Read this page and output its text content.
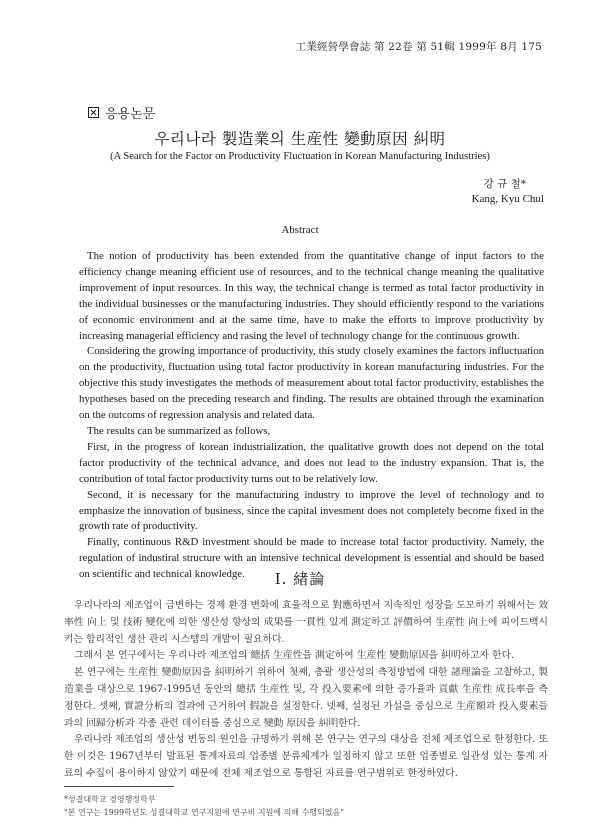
工業經營學會誌 第 22卷 第 51輯 1999年 8月 175
응용논문
우리나라 製造業의 生産性 變動原因 糾明
(A Search for the Factor on Productivity Fluctuation in Korean Manufacturing Industries)
강 규 철*
Kang, Kyu Chul
Abstract

The notion of productivity has been extended from the quantitative change of input factors to the efficiency change meaning efficient use of resources, and to the technical change meaning the qualitative improvement of input resources. In this way, the technical change is termed as total factor productivity in the individual businesses or the manufacturing industries. They should efficiently respond to the variations of economic environment and at the same time, have to make the efforts to improve productivity by increasing managerial efficiency and rasing the level of technology change for the continuous growth.

Considering the growing importance of productivity, this study closely examines the factors influctuation on the productivity, fluctuation using total factor productivity in korean manufacturing industries. For the objective this study investigates the methods of measurement about total factor productivity, establishes the hypotheses based on the preceding research and finding. The results are obtained through the examination on the outcoms of regression analysis and related data.

The results can be summarized as follows,

First, in the progress of korean industrialization, the qualitative growth does not depend on the total factor productivity of the technical advance, and does not lead to the industry expansion. That is, the contribution of total factor productivity turns out to be relatively low.

Second, it is necessary for the manufacturing industry to improve the level of technology and to emphasize the innovation of business, since the capital invesment does not completely become fixed in the growth rate of productivity.

Finally, continuous R&D investment should be made to increase total factor productivity. Namely, the regulation of industiral structure with an intensive technical development is essential and should be based on scientific and technical knowledge.	I. 緖論

우리나라의 제조업이 급변하는 경제 환경 변화에 효율적으로 對應하면서 지속적인 성장을 도모하기 위해서는 效率性 向上 및 技術 變化에 의한 생산성 향상의 成果를 一貫性 있게 測定하고 評價하여 生産性 向上에 피이드백시키는 합리적인 생산 관리 시스템의 개발이 필요하다.

그래서 본 연구에서는 우리나라 제조업의 總括 生産性을 測定하여 生産性 變動原因을 糾明하고자 한다.

본 연구에는 生産性 變動原因을 糾明하기 위하여 첫째, 총괄 생산성의 측정방법에 대한 諸理論을 고찰하고, 製造業을 대상으로 1967-1995년 동안의 總括 生産性 및, 각 投入要素에 의한 증가율과 貢獻 生産性 成長率을 측정한다. 셋째, 實證分析의 결과에 근거하여 假說을 설정한다. 넷째, 설정된 가설을 중심으로 生産額과 投入要素들과의 回歸分析과 각종 관련 데이터를 중심으로 變動 原因을 糾明한다.

우리나라 제조업의 생산성 변동의 원인을 규명하기 위해 본 연구는 연구의 대상을 전체 제조업으로 한정한다. 또한 이것은 1967년부터 발표된 통계자료의 업종별 분류체계가 일정하지 않고 또한 업종별로 일관성 있는 통계 자료의 수집이 용이하지 않았기 때문에 전체 제조업으로 통합된 자료를 연구범위로 한정하였다.

*성결대학교 경영행정학부
"본 연구는 1999학년도 성결대학교 연구지원에 연구비 지원에 의해 수행되었음"
